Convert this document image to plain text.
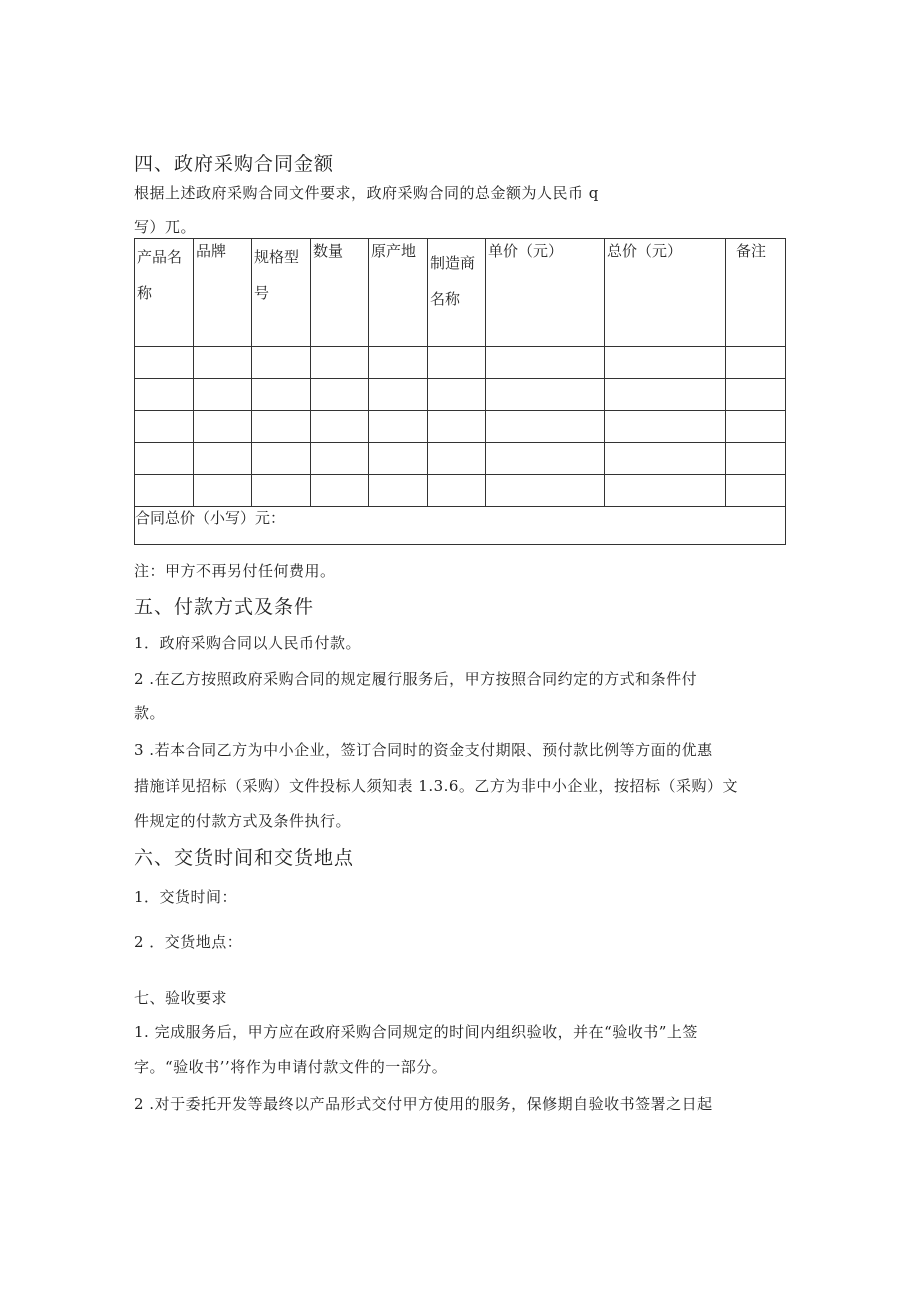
四、政府采购合同金额
根据上述政府采购合同文件要求，政府采购合同的总金额为人民币 q
写）兀。
产品名称	品牌	规格型号	数量	原产地	制造商名称	单价（元）	总价（元）	备注

合同总价（小写）元：								
注：甲方不再另付任何费用。
五、付款方式及条件
1．政府采购合同以人民币付款。
2 .在乙方按照政府采购合同的规定履行服务后，甲方按照合同约定的方式和条件付
款。
3 .若本合同乙方为中小企业，签订合同时的资金支付期限、预付款比例等方面的优惠
措施详见招标（采购）文件投标人须知表 1.3.6。乙方为非中小企业，按招标（采购）文
件规定的付款方式及条件执行。
六、交货时间和交货地点
1．交货时间：
2 ．交货地点：
七、验收要求
1. 完成服务后，甲方应在政府采购合同规定的时间内组织验收，并在“验收书”上签
字。“验收书’’将作为申请付款文件的一部分。
2 .对于委托开发等最终以产品形式交付甲方使用的服务，保修期自验收书签署之日起
